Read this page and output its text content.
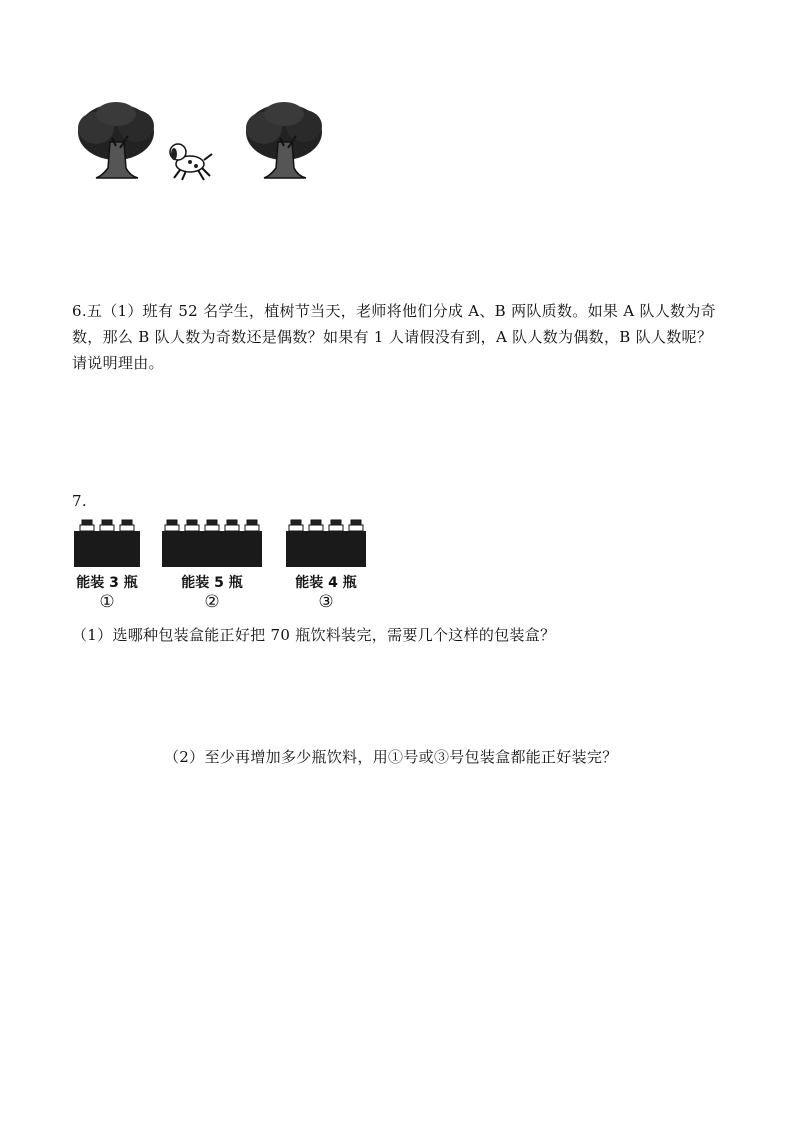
6.五（1）班有 52 名学生，植树节当天，老师将他们分成 A、B 两队质数。如果 A 队人数为奇
数，那么 B 队人数为奇数还是偶数？如果有 1 人请假没有到，A 队人数为偶数，B 队人数呢？
请说明理由。
7.
能装 3 瓶
①
能装 5 瓶
②
能装 4 瓶
③
（1）选哪种包装盒能正好把 70 瓶饮料装完，需要几个这样的包装盒？
（2）至少再增加多少瓶饮料，用①号或③号包装盒都能正好装完？
